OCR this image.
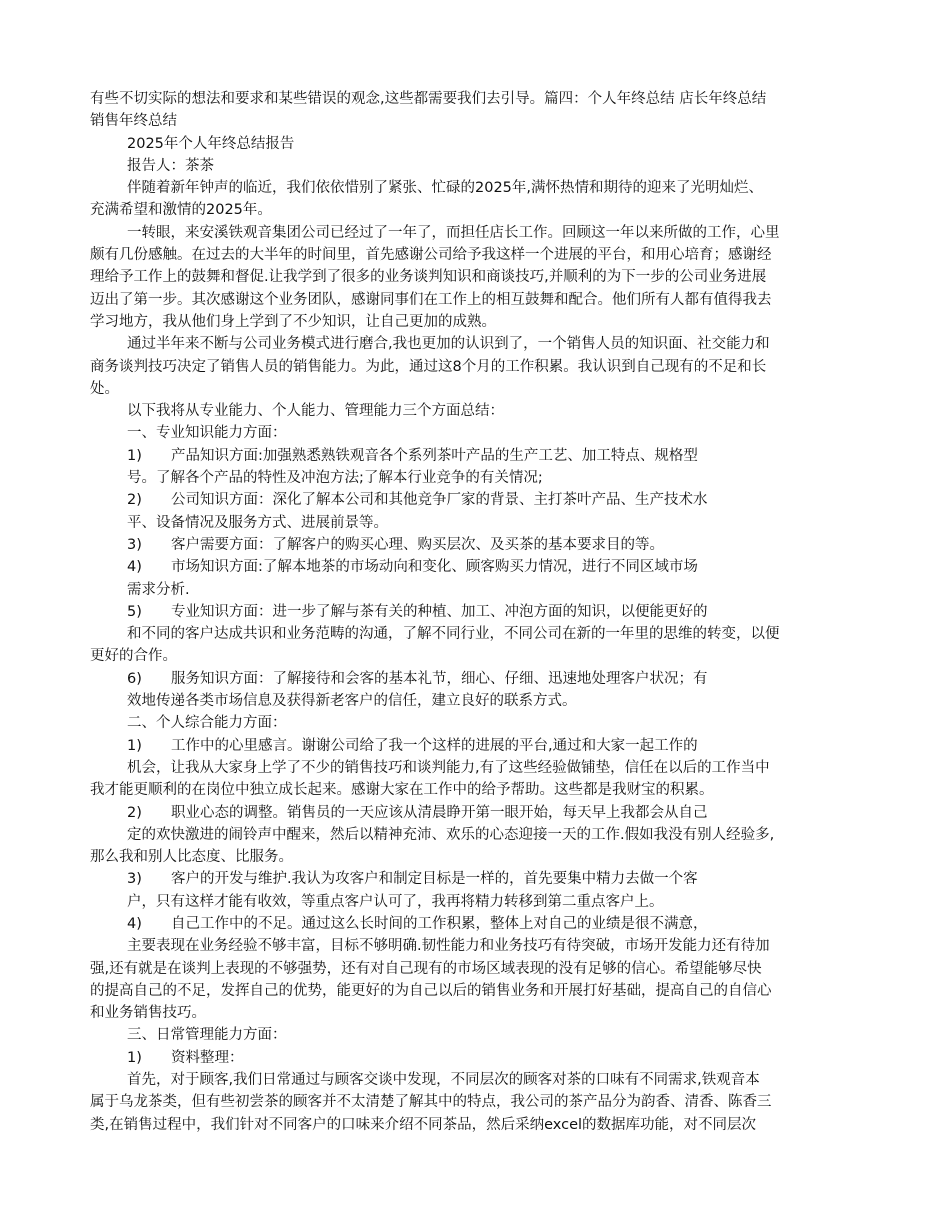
有些不切实际的想法和要求和某些错误的观念,这些都需要我们去引导。篇四：个人年终总结 店长年终总结
销售年终总结
2025年个人年终总结报告
报告人：茶茶
伴随着新年钟声的临近，我们依依惜别了紧张、忙碌的2025年,满怀热情和期待的迎来了光明灿烂、
充满希望和激情的2025年。
一转眼，来安溪铁观音集团公司已经过了一年了，而担任店长工作。回顾这一年以来所做的工作，心里
颇有几份感触。在过去的大半年的时间里，首先感谢公司给予我这样一个进展的平台，和用心培育；感谢经
理给予工作上的鼓舞和督促.让我学到了很多的业务谈判知识和商谈技巧,并顺利的为下一步的公司业务进展
迈出了第一步。其次感谢这个业务团队，感谢同事们在工作上的相互鼓舞和配合。他们所有人都有值得我去
学习地方，我从他们身上学到了不少知识，让自己更加的成熟。
通过半年来不断与公司业务模式进行磨合,我也更加的认识到了，一个销售人员的知识面、社交能力和
商务谈判技巧决定了销售人员的销售能力。为此，通过这8个月的工作积累。我认识到自己现有的不足和长
处。
以下我将从专业能力、个人能力、管理能力三个方面总结：
一、专业知识能力方面：
1) 产品知识方面:加强熟悉熟铁观音各个系列茶叶产品的生产工艺、加工特点、规格型
号。了解各个产品的特性及冲泡方法;了解本行业竞争的有关情况;
2) 公司知识方面：深化了解本公司和其他竞争厂家的背景、主打茶叶产品、生产技术水
平、设备情况及服务方式、进展前景等。
3) 客户需要方面：了解客户的购买心理、购买层次、及买茶的基本要求目的等。
4) 市场知识方面:了解本地茶的市场动向和变化、顾客购买力情况，进行不同区域市场
需求分析.
5) 专业知识方面：进一步了解与茶有关的种植、加工、冲泡方面的知识，以便能更好的
和不同的客户达成共识和业务范畴的沟通，了解不同行业，不同公司在新的一年里的思维的转变，以便
更好的合作。
6) 服务知识方面：了解接待和会客的基本礼节，细心、仔细、迅速地处理客户状况；有
效地传递各类市场信息及获得新老客户的信任，建立良好的联系方式。
二、个人综合能力方面：
1) 工作中的心里感言。谢谢公司给了我一个这样的进展的平台,通过和大家一起工作的
机会，让我从大家身上学了不少的销售技巧和谈判能力,有了这些经验做铺垫，信任在以后的工作当中
我才能更顺利的在岗位中独立成长起来。感谢大家在工作中的给予帮助。这些都是我财宝的积累。
2) 职业心态的调整。销售员的一天应该从清晨睁开第一眼开始，每天早上我都会从自己
定的欢快激进的闹铃声中醒来，然后以精神充沛、欢乐的心态迎接一天的工作.假如我没有别人经验多,
那么我和别人比态度、比服务。
3) 客户的开发与维护.我认为攻客户和制定目标是一样的，首先要集中精力去做一个客
户，只有这样才能有收效，等重点客户认可了，我再将精力转移到第二重点客户上。
4) 自己工作中的不足。通过这么长时间的工作积累，整体上对自己的业绩是很不满意，
主要表现在业务经验不够丰富，目标不够明确.韧性能力和业务技巧有待突破，市场开发能力还有待加
强,还有就是在谈判上表现的不够强势，还有对自己现有的市场区域表现的没有足够的信心。希望能够尽快
的提高自己的不足，发挥自己的优势，能更好的为自己以后的销售业务和开展打好基础，提高自己的自信心
和业务销售技巧。
三、日常管理能力方面：
1) 资料整理：
首先，对于顾客,我们日常通过与顾客交谈中发现，不同层次的顾客对茶的口味有不同需求,铁观音本
属于乌龙茶类，但有些初尝茶的顾客并不太清楚了解其中的特点，我公司的茶产品分为韵香、清香、陈香三
类,在销售过程中，我们针对不同客户的口味来介绍不同茶品，然后采纳excel的数据库功能，对不同层次
